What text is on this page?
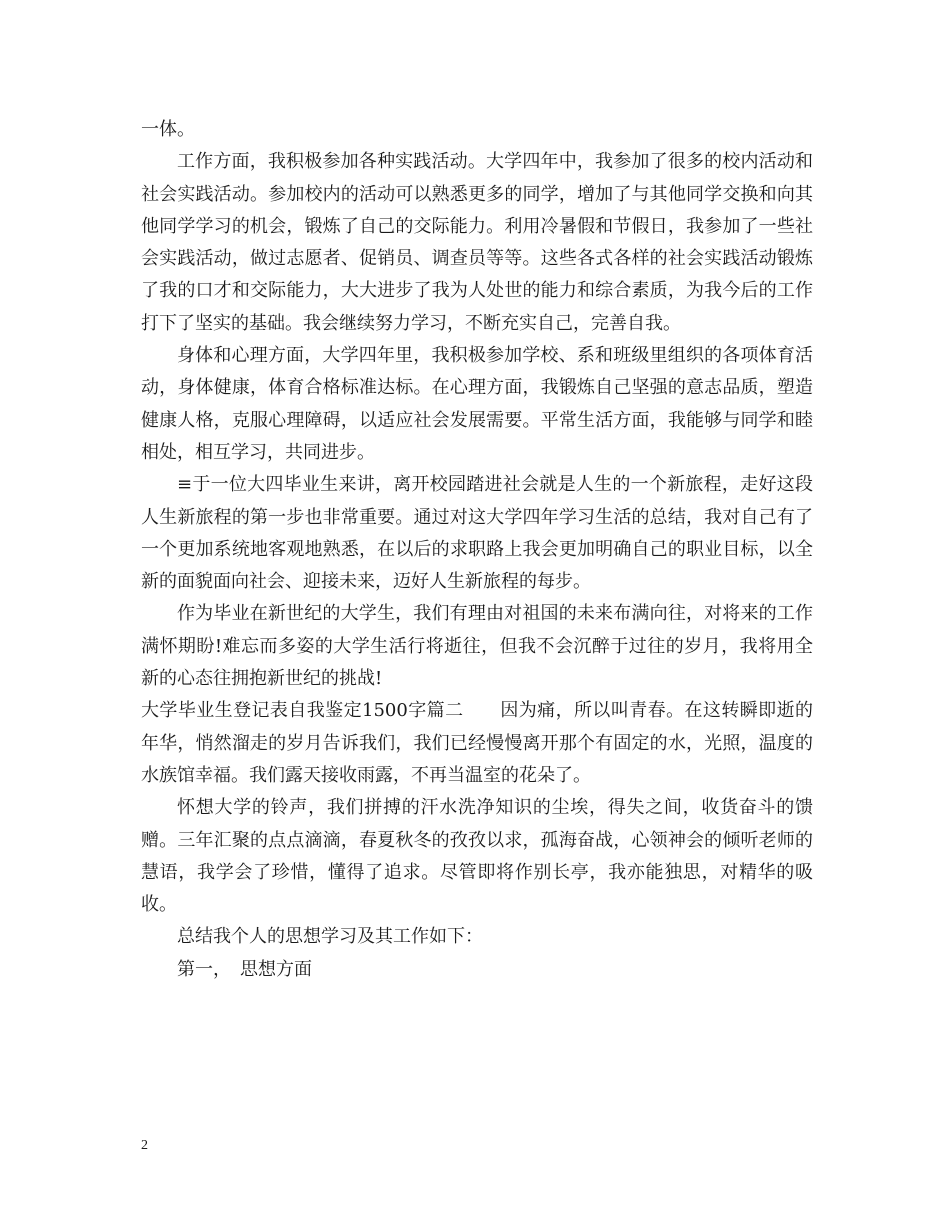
一体。

工作方面，我积极参加各种实践活动。大学四年中，我参加了很多的校内活动和社会实践活动。参加校内的活动可以熟悉更多的同学，增加了与其他同学交换和向其他同学学习的机会，锻炼了自己的交际能力。利用冷暑假和节假日，我参加了一些社会实践活动，做过志愿者、促销员、调查员等等。这些各式各样的社会实践活动锻炼了我的口才和交际能力，大大进步了我为人处世的能力和综合素质，为我今后的工作打下了坚实的基础。我会继续努力学习，不断充实自己，完善自我。

身体和心理方面，大学四年里，我积极参加学校、系和班级里组织的各项体育活动，身体健康，体育合格标准达标。在心理方面，我锻炼自己坚强的意志品质，塑造健康人格，克服心理障碍，以适应社会发展需要。平常生活方面，我能够与同学和睦相处，相互学习，共同进步。

≡于一位大四毕业生来讲，离开校园踏进社会就是人生的一个新旅程，走好这段人生新旅程的第一步也非常重要。通过对这大学四年学习生活的总结，我对自己有了一个更加系统地客观地熟悉，在以后的求职路上我会更加明确自己的职业目标，以全新的面貌面向社会、迎接未来，迈好人生新旅程的每步。

作为毕业在新世纪的大学生，我们有理由对祖国的未来布满向往，对将来的工作满怀期盼!难忘而多姿的大学生活行将逝往，但我不会沉醉于过往的岁月，我将用全新的心态往拥抱新世纪的挑战!

大学毕业生登记表自我鉴定1500字篇二　　因为痛，所以叫青春。在这转瞬即逝的年华，悄然溜走的岁月告诉我们，我们已经慢慢离开那个有固定的水，光照，温度的水族馆幸福。我们露天接收雨露，不再当温室的花朵了。

怀想大学的铃声，我们拼搏的汗水洗净知识的尘埃，得失之间，收货奋斗的馈赠。三年汇聚的点点滴滴，春夏秋冬的孜孜以求，孤海奋战，心领神会的倾听老师的慧语，我学会了珍惜，懂得了追求。尽管即将作别长亭，我亦能独思，对精华的吸收。

总结我个人的思想学习及其工作如下：

第一，　思想方面

2
